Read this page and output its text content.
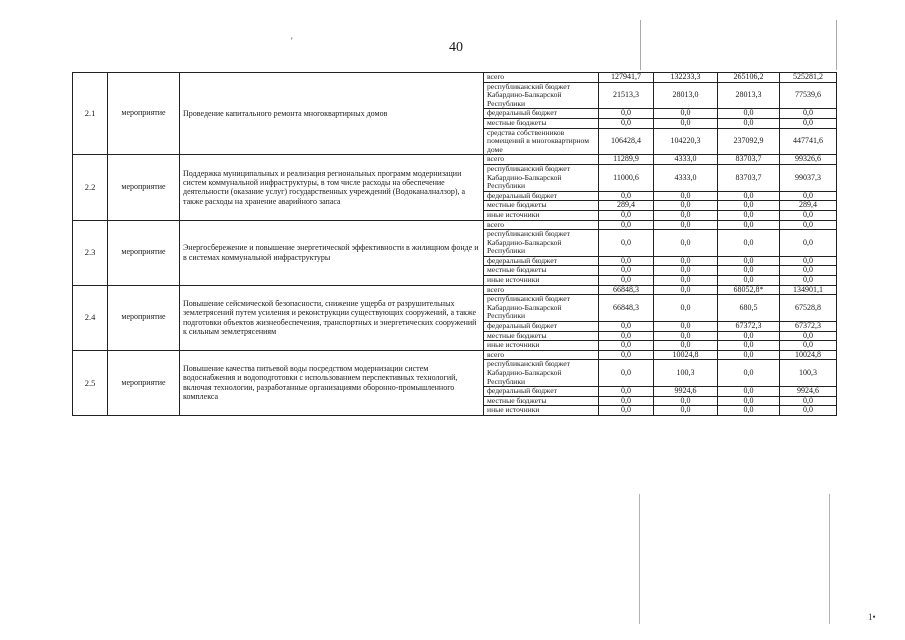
40
'
1•
2.1	мероприятие	Проведение капитального ремонта многоквартирных домов	всего	127941,7	132233,3	265106,2	525281,2
			республиканский бюджет Кабардино-Балкарской Республики	21513,3	28013,0	28013,3	77539,6
			федеральный бюджет	0,0	0,0	0,0	0,0
			местные бюджеты	0,0	0,0	0,0	0,0
			средства собственников помещений в многоквартирном доме	106428,4	104220,3	237092,9	447741,6
2.2	мероприятие	Поддержка муниципальных и реализация региональных программ модернизации систем коммунальной инфраструктуры, в том числе расходы на обеспечение деятельности (оказание услуг) государственных учреждений (Водоканалналзор), а также расходы на хранение аварийного запаса	всего	11289,9	4333,0	83703,7	99326,6
			республиканский бюджет Кабардино-Балкарской Республики	11000,6	4333,0	83703,7	99037,3
			федеральный бюджет	0,0	0,0	0,0	0,0
			местные бюджеты	289,4	0,0	0,0	289,4
			иные источники	0,0	0,0	0,0	0,0
2.3	мероприятие	Энергосбережение и повышение энергетической эффективности в жилищном фонде и в системах коммунальной инфраструктуры	всего	0,0	0,0	0,0	0,0
			республиканский бюджет Кабардино-Балкарской Республики	0,0	0,0	0,0	0,0
			федеральный бюджет	0,0	0,0	0,0	0,0
			местные бюджеты	0,0	0,0	0,0	0,0
			иные источники	0,0	0,0	0,0	0,0
2.4	мероприятие	Повышение сейсмической безопасности, снижение ущерба от разрушительных землетрясений путем усиления и реконструкции существующих сооружений, а также подготовки объектов жизнеобеспечения, транспортных и энергетических сооружений к сильным землетрясениям	всего	66848,3	0,0	68052,8*	134901,1
			республиканский бюджет Кабардино-Балкарской Республики	66848,3	0,0	680,5	67528,8
			федеральный бюджет	0,0	0,0	67372,3	67372,3
			местные бюджеты	0,0	0,0	0,0	0,0
			иные источники	0,0	0,0	0,0	0,0
2.5	мероприятие	Повышение качества питьевой воды посредством модернизации систем водоснабжения и водоподготовки с использованием перспективных технологий, включая технологии, разработанные организациями оборонно-промышленного комплекса	всего	0,0	10024,8	0,0	10024,8
			республиканский бюджет Кабардино-Балкарской Республики	0,0	100,3	0,0	100,3
			федеральный бюджет	0,0	9924,6	0,0	9924,6
			местные бюджеты	0,0	0,0	0,0	0,0
			иные источники	0,0	0,0	0,0	0,0
